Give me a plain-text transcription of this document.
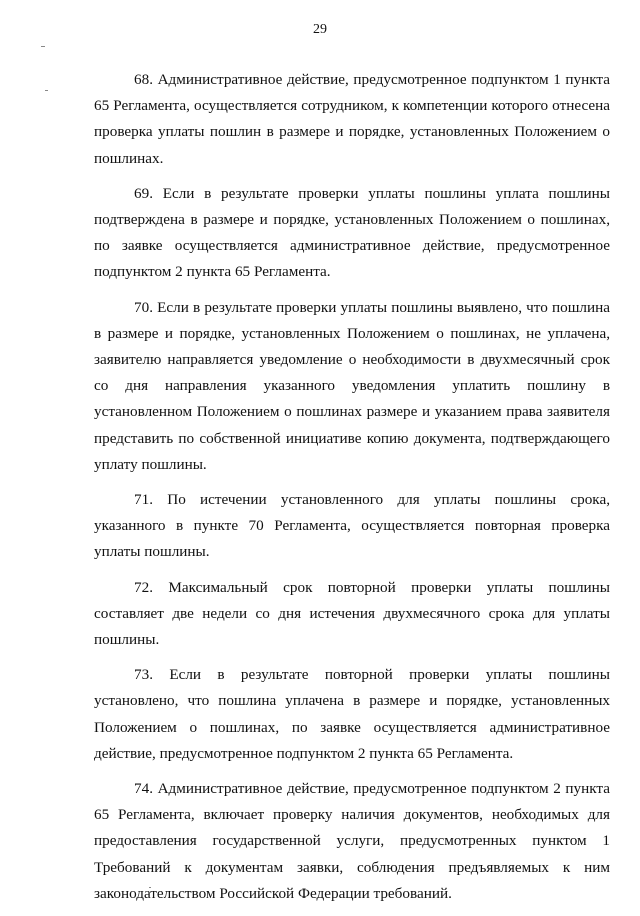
29

68. Административное действие, предусмотренное подпунктом 1 пункта 65 Регламента, осуществляется сотрудником, к компетенции которого отнесена проверка уплаты пошлин в размере и порядке, установленных Положением о пошлинах.

69. Если в результате проверки уплаты пошлины уплата пошлины подтверждена в размере и порядке, установленных Положением о пошлинах, по заявке осуществляется административное действие, предусмотренное подпунктом 2 пункта 65 Регламента.

70. Если в результате проверки уплаты пошлины выявлено, что пошлина в размере и порядке, установленных Положением о пошлинах, не уплачена, заявителю направляется уведомление о необходимости в двухмесячный срок со дня направления указанного уведомления уплатить пошлину в установленном Положением о пошлинах размере и указанием права заявителя представить по собственной инициативе копию документа, подтверждающего уплату пошлины.

71. По истечении установленного для уплаты пошлины срока, указанного в пункте 70 Регламента, осуществляется повторная проверка уплаты пошлины.

72. Максимальный срок повторной проверки уплаты пошлины составляет две недели со дня истечения двухмесячного срока для уплаты пошлины.

73. Если в результате повторной проверки уплаты пошлины установлено, что пошлина уплачена в размере и порядке, установленных Положением о пошлинах, по заявке осуществляется административное действие, предусмотренное подпунктом 2 пункта 65 Регламента.

74. Административное действие, предусмотренное подпунктом 2 пункта 65 Регламента, включает проверку наличия документов, необходимых для предоставления государственной услуги, предусмотренных пунктом 1 Требований к документам заявки, соблюдения предъявляемых к ним законодательством Российской Федерации требований.
